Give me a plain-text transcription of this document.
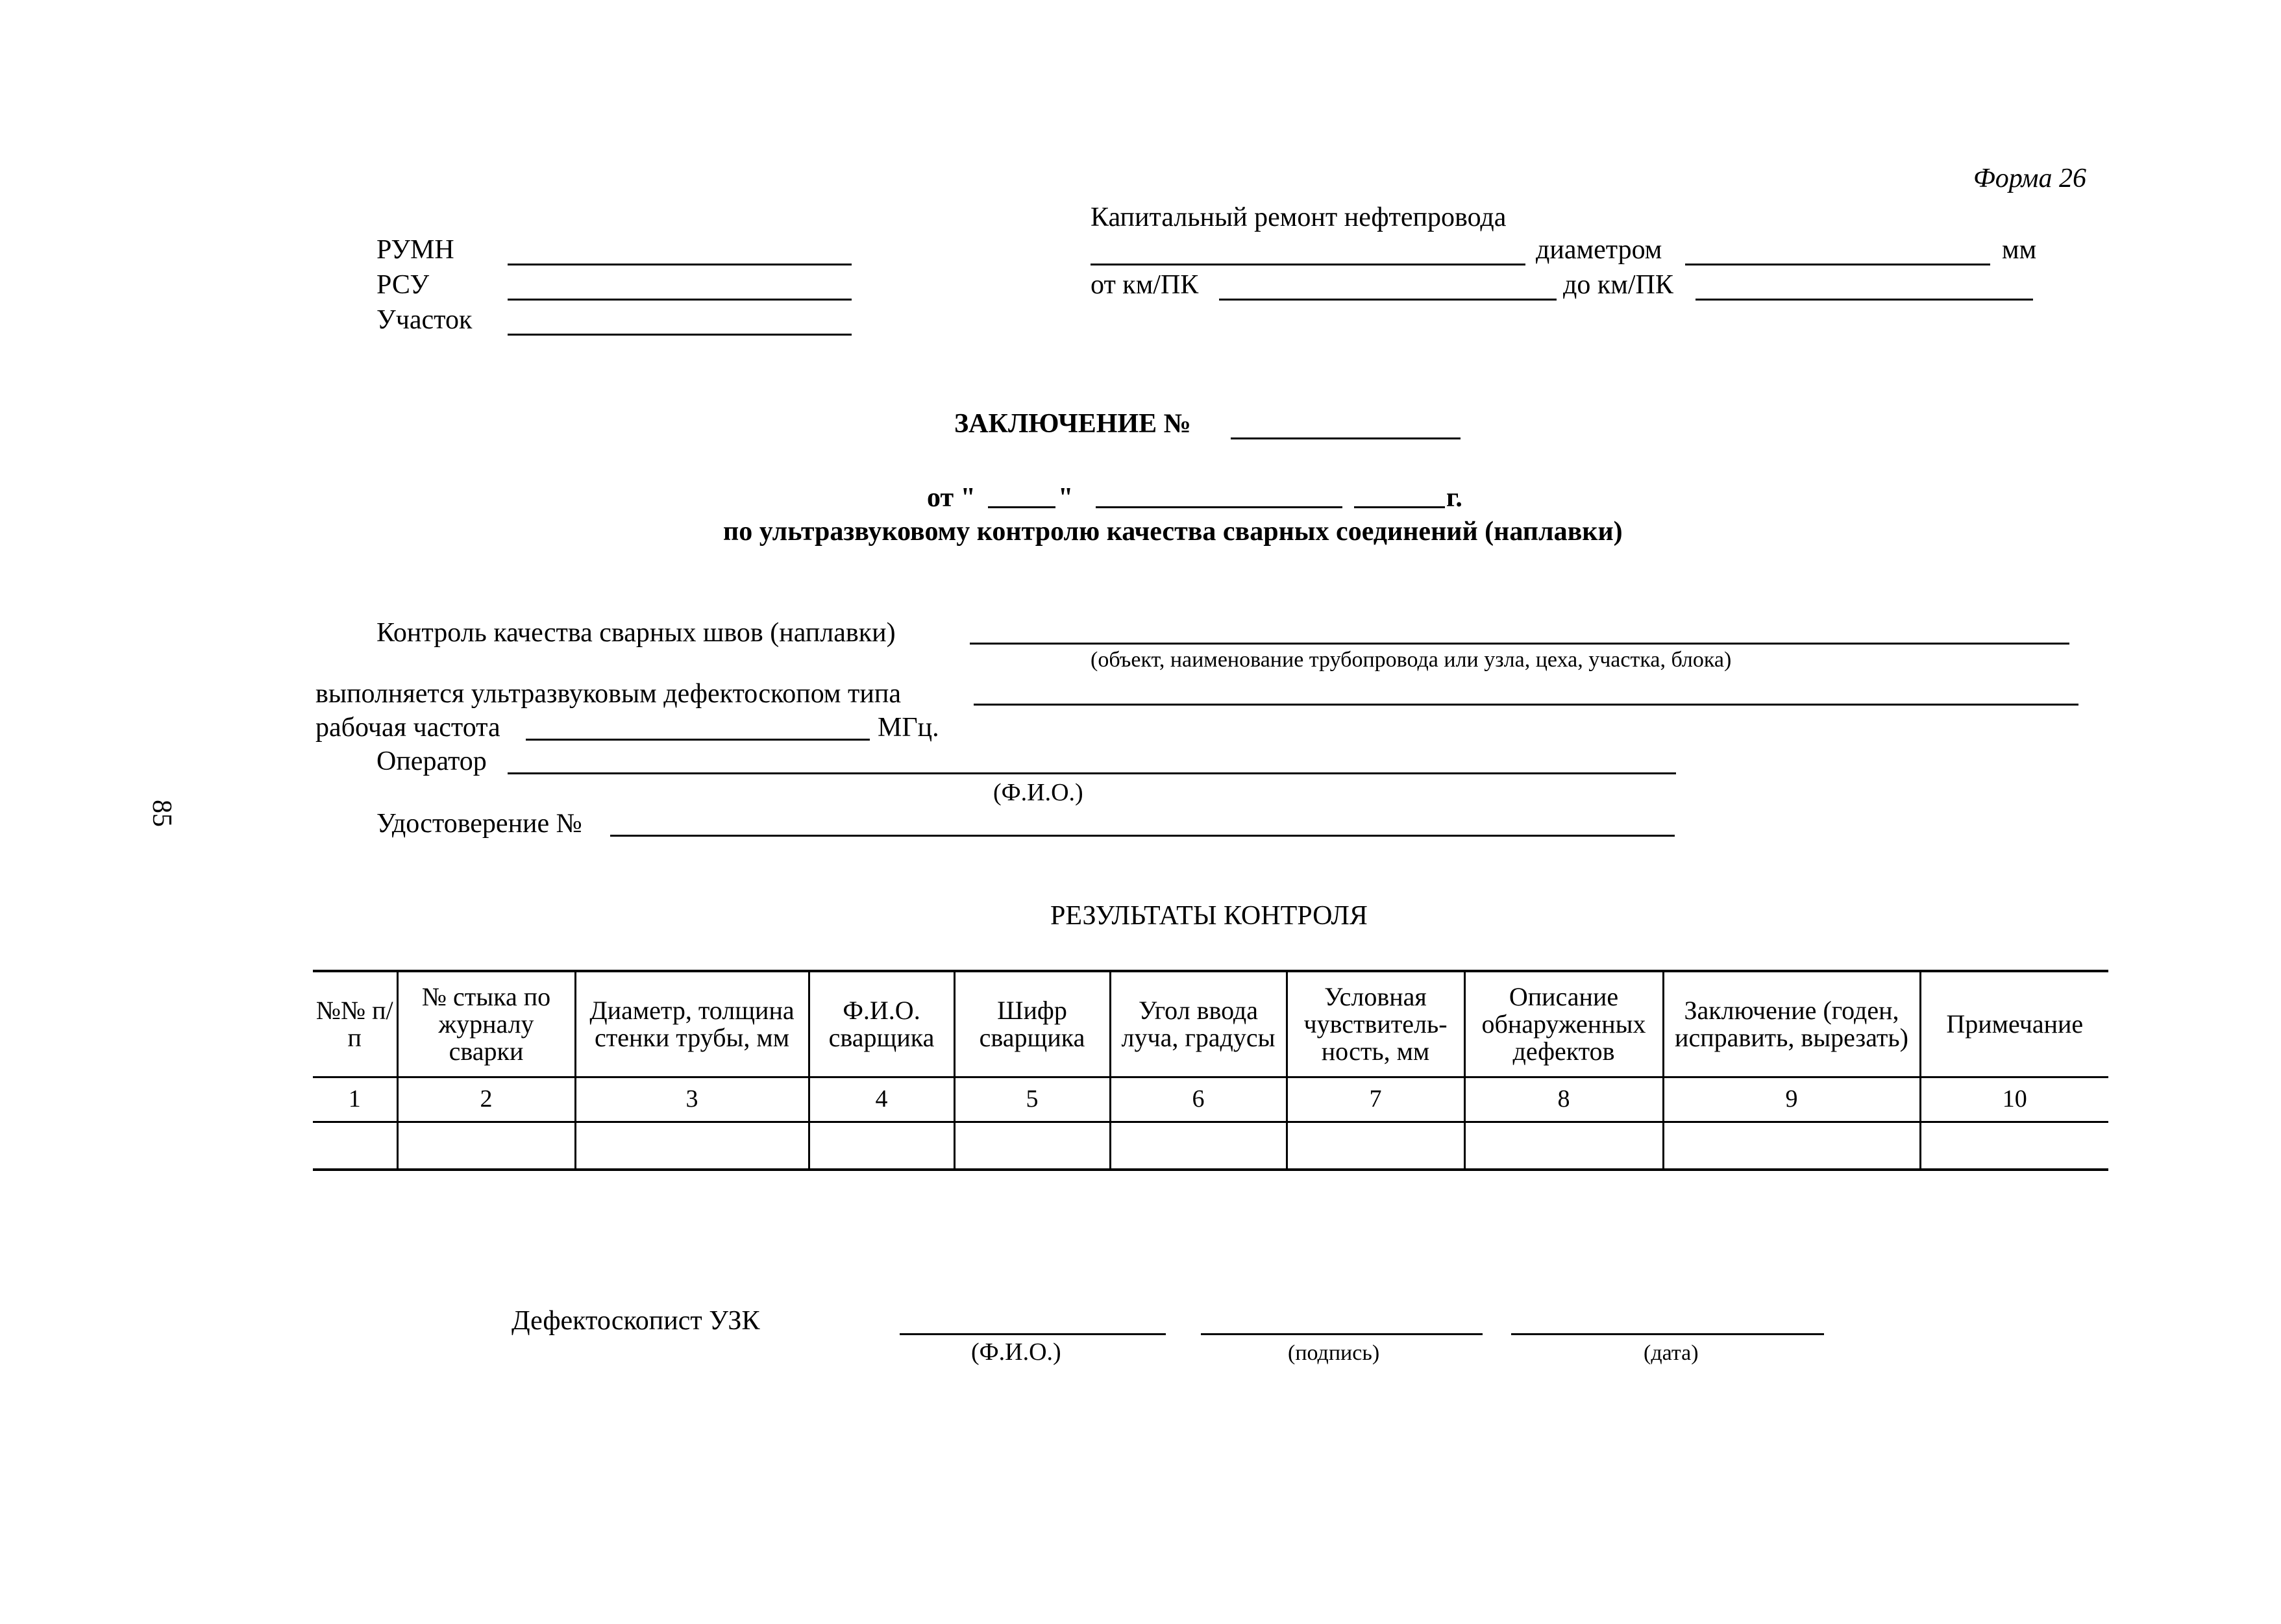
Форма 26
85
РУМН
РСУ
Участок
Капитальный ремонт нефтепровода
диаметром	мм
от км/ПК	до км/ПК
ЗАКЛЮЧЕНИЕ №
от "	"	г.
по ультразвуковому контролю качества сварных соединений (наплавки)
Контроль качества сварных швов (наплавки)
(объект, наименование трубопровода или узла, цеха, участка, блока)
выполняется ультразвуковым дефектоскопом типа
рабочая частота	МГц.
Оператор
(Ф.И.О.)
Удостоверение №
РЕЗУЛЬТАТЫ КОНТРОЛЯ
№№ п/п	№ стыка по журналу сварки	Диаметр, толщина стенки трубы, мм	Ф.И.О. сварщика	Шифр сварщика	Угол ввода луча, градусы	Условная чувствитель-ность, мм	Описание обнаруженных дефектов	Заключение (годен, исправить, вырезать)	Примечание
1	2	3	4	5	6	7	8	9	10

Дефектоскопист УЗК
(Ф.И.О.)	(подпись)	(дата)
